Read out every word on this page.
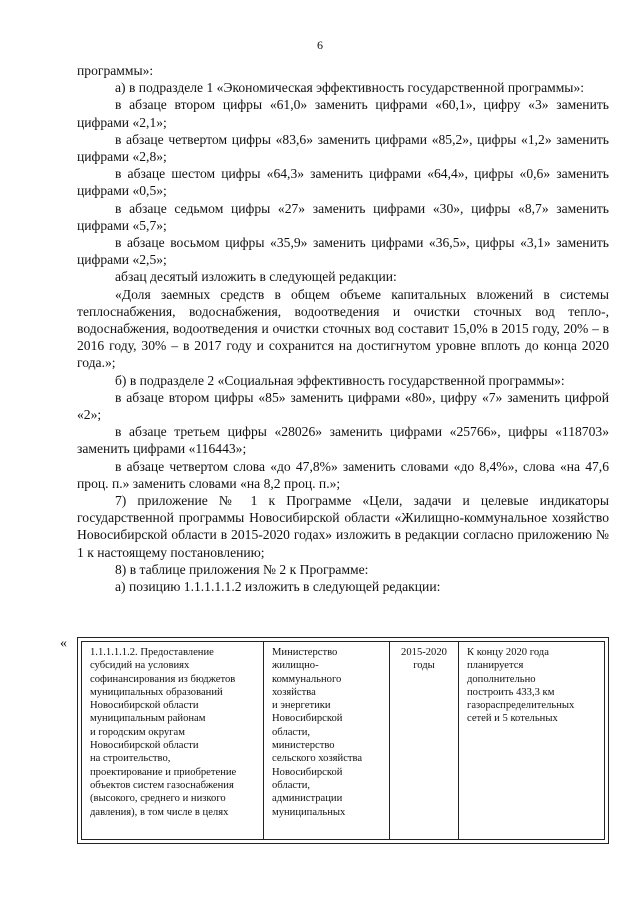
6

программы»:

а) в подразделе 1 «Экономическая эффективность государственной программы»:

в абзаце втором цифры «61,0» заменить цифрами «60,1», цифру «3» заменить цифрами «2,1»;

в абзаце четвертом цифры «83,6» заменить цифрами «85,2», цифры «1,2» заменить цифрами «2,8»;

в абзаце шестом цифры «64,3» заменить цифрами «64,4», цифры «0,6» заменить цифрами «0,5»;

в абзаце седьмом цифры «27» заменить цифрами «30», цифры «8,7» заменить цифрами «5,7»;

в абзаце восьмом цифры «35,9» заменить цифрами «36,5», цифры «3,1» заменить цифрами «2,5»;

абзац десятый изложить в следующей редакции:

«Доля заемных средств в общем объеме капитальных вложений в системы теплоснабжения, водоснабжения, водоотведения и очистки сточных вод тепло-, водоснабжения, водоотведения и очистки сточных вод составит 15,0% в 2015 году, 20% – в 2016 году, 30% – в 2017 году и сохранится на достигнутом уровне вплоть до конца 2020 года.»;

б) в подразделе 2 «Социальная эффективность государственной программы»:

в абзаце втором цифры «85» заменить цифрами «80», цифру «7» заменить цифрой «2»;

в абзаце третьем цифры «28026» заменить цифрами «25766», цифры «118703» заменить цифрами «116443»;

в абзаце четвертом слова «до 47,8%» заменить словами «до 8,4%», слова «на 47,6 проц. п.» заменить словами «на 8,2 проц. п.»;

7) приложение № 1 к Программе «Цели, задачи и целевые индикаторы государственной программы Новосибирской области «Жилищно-коммунальное хозяйство Новосибирской области в 2015-2020 годах» изложить в редакции согласно приложению № 1 к настоящему постановлению;

8) в таблице приложения № 2 к Программе:

а) позицию 1.1.1.1.1.2 изложить в следующей редакции:

«
1.1.1.1.1.2. Предоставление
субсидий на условиях
софинансирования из бюджетов
муниципальных образований
Новосибирской области
муниципальным районам
и городским округам
Новосибирской области
на строительство,
проектирование и приобретение
объектов систем газоснабжения
(высокого, среднего и низкого
давления), в том числе в целях
Министерство
жилищно-
коммунального
хозяйства
и энергетики
Новосибирской
области,
министерство
сельского хозяйства
Новосибирской
области,
администрации
муниципальных
2015-2020
годы
К концу 2020 года
планируется
дополнительно
построить 433,3 км
газораспределительных
сетей и 5 котельных
